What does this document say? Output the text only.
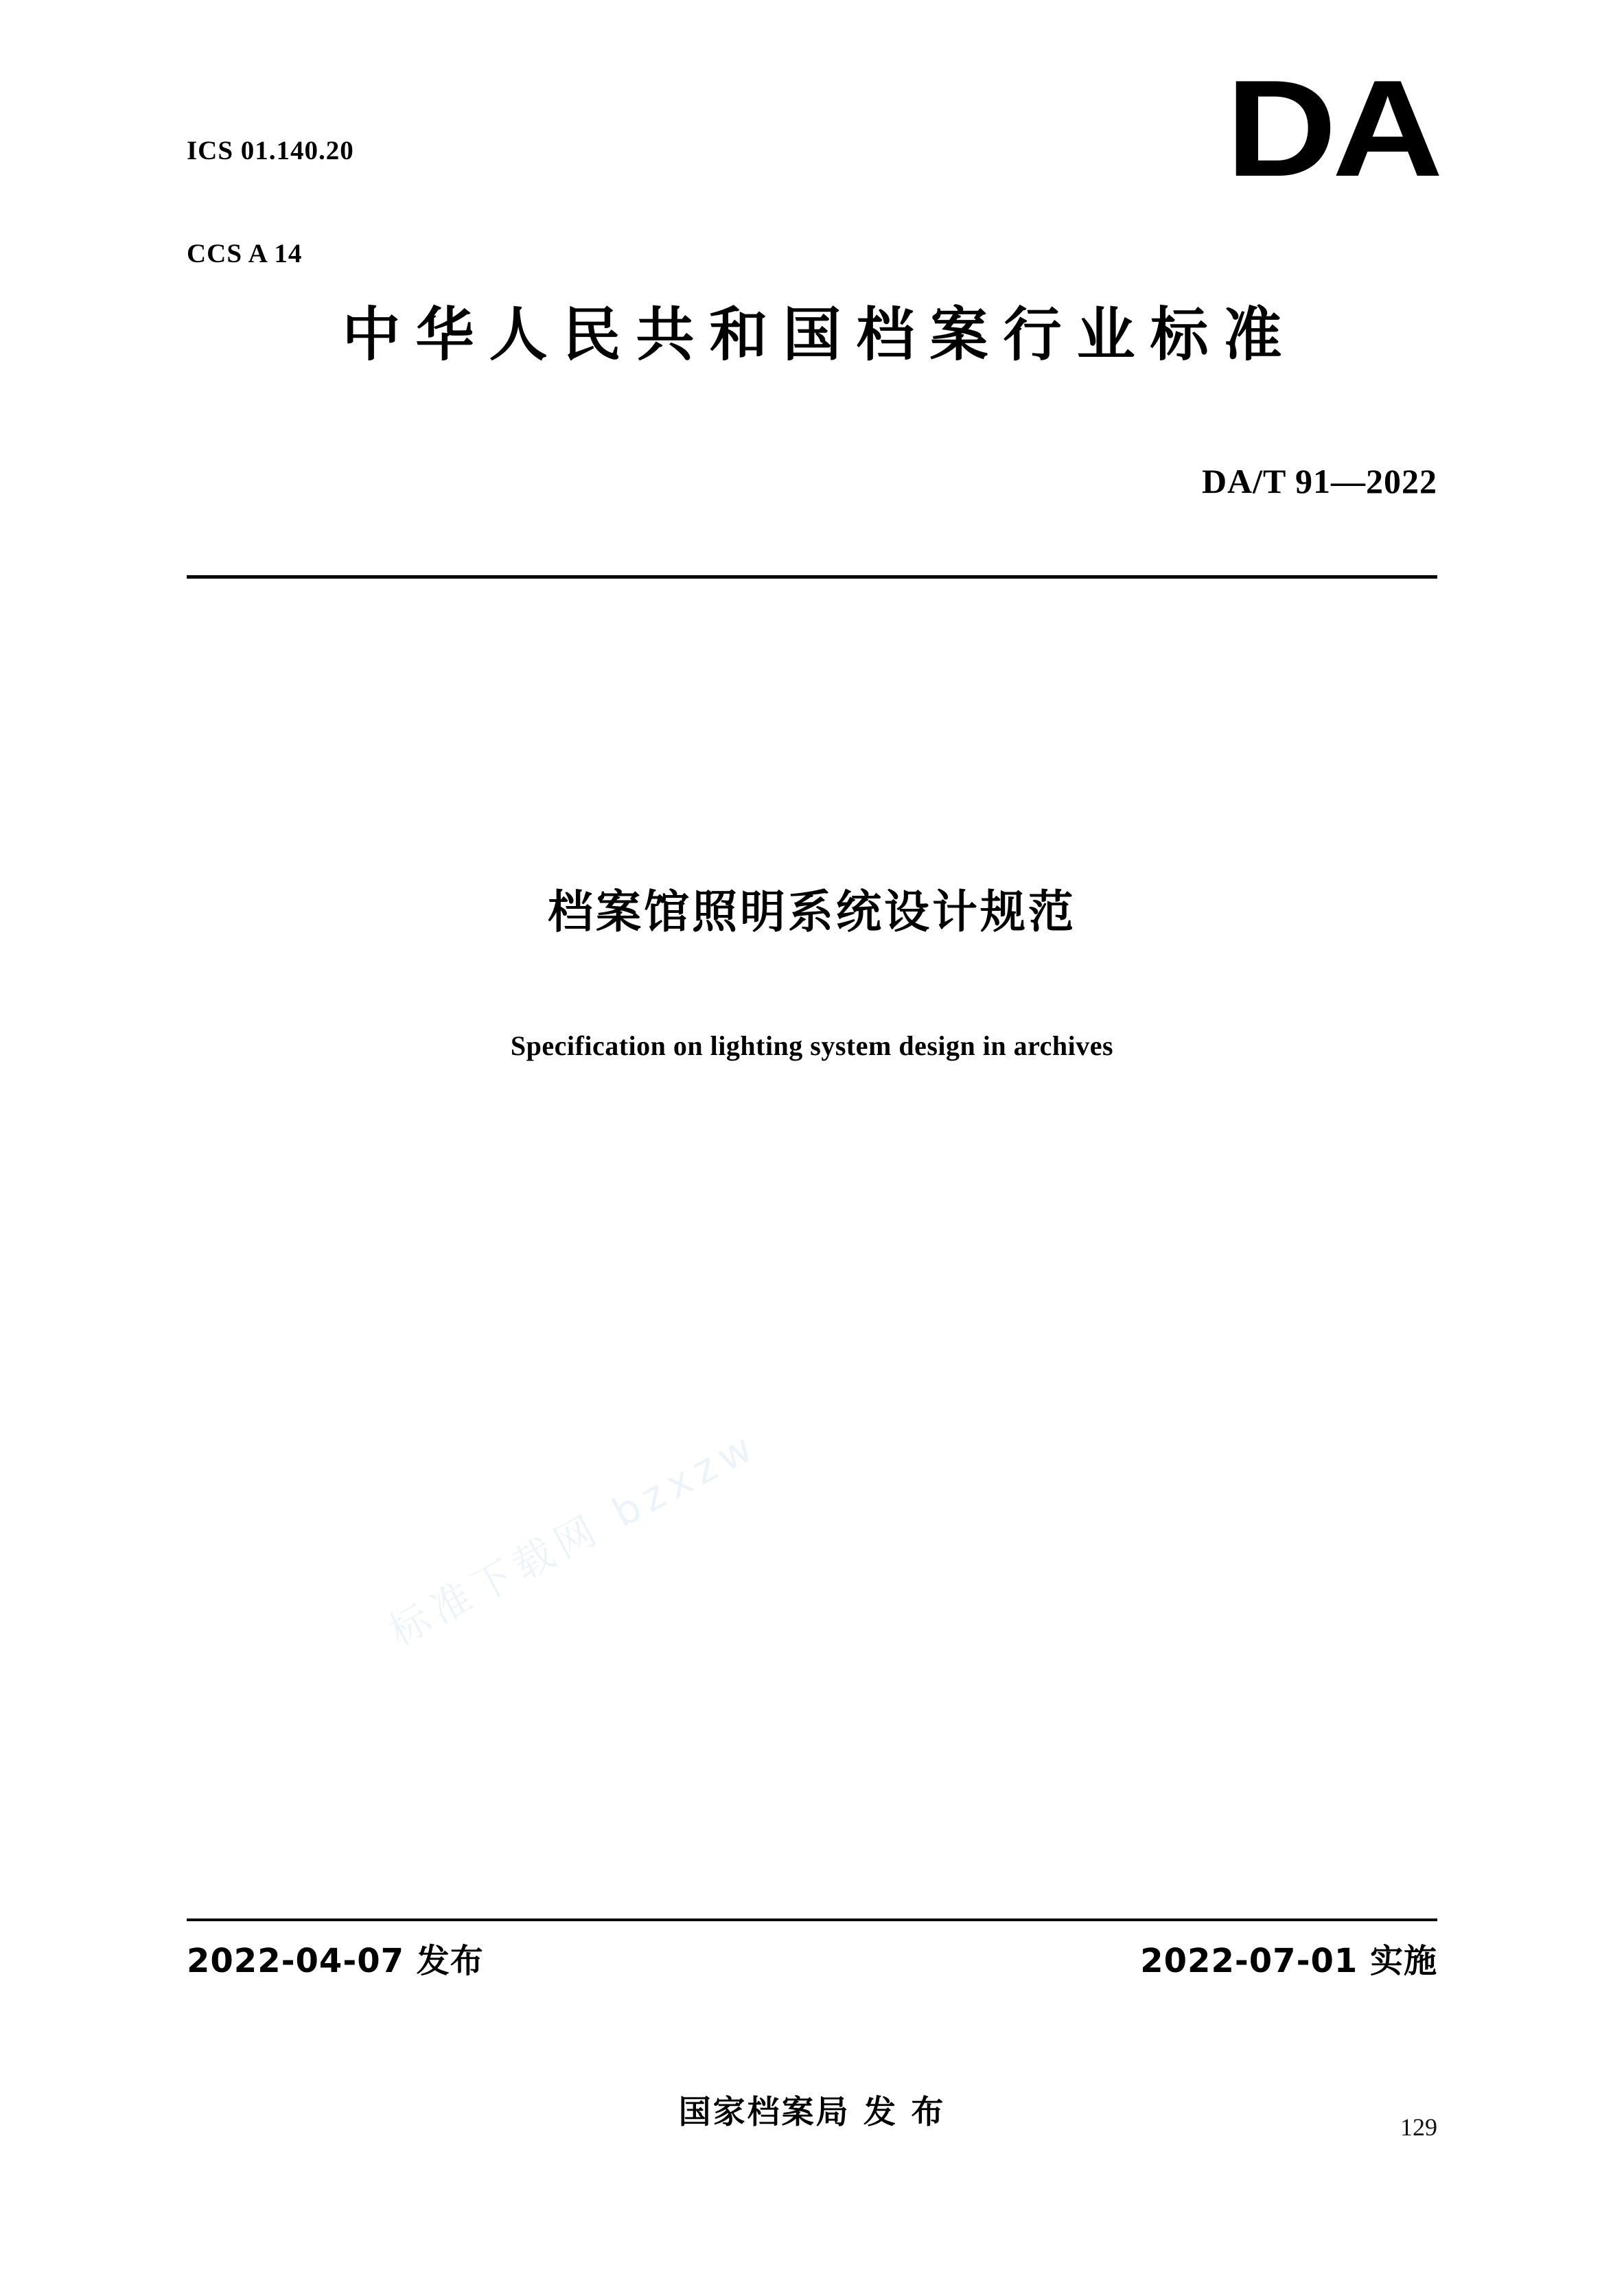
ICS 01.140.20

CCS A 14

DA
中华人民共和国档案行业标准
DA/T 91—2022
档案馆照明系统设计规范
Specification on lighting system design in archives
标准下载网 bzxzw
2022-04-07 发布	2022-07-01 实施
国家档案局 发 布	129
